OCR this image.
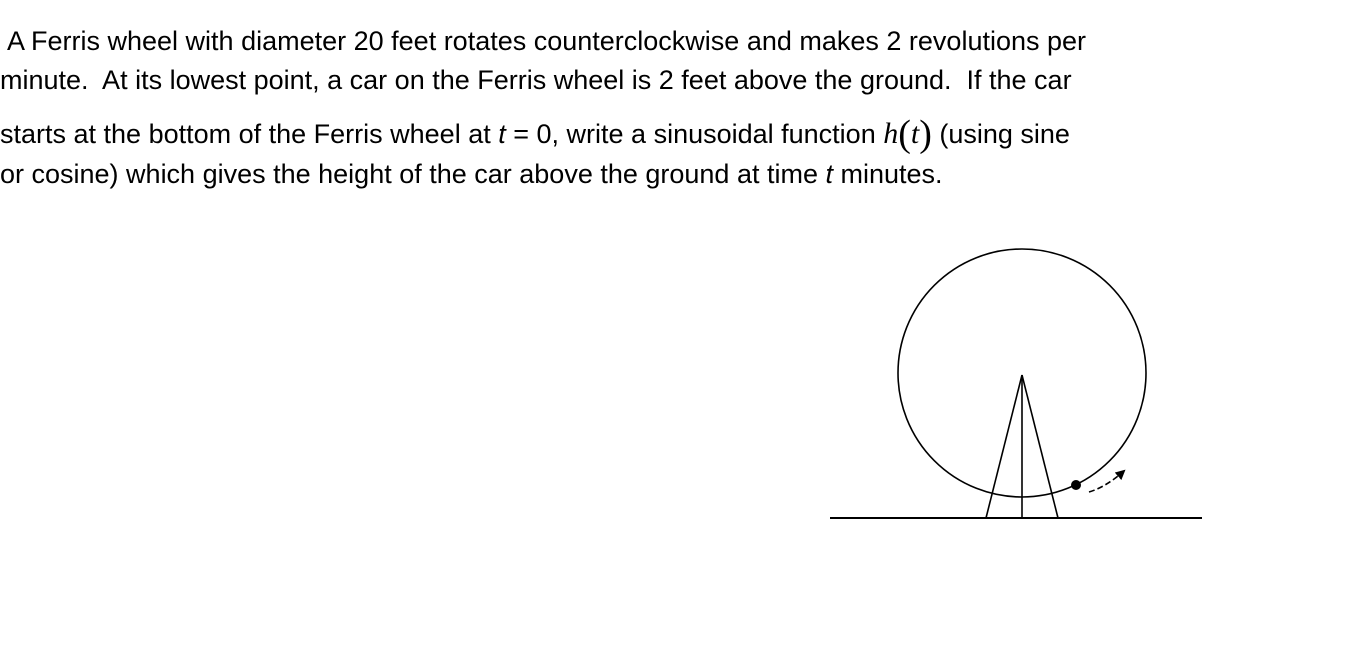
A Ferris wheel with diameter 20 feet rotates counterclockwise and makes 2 revolutions per
minute.  At its lowest point, a car on the Ferris wheel is 2 feet above the ground.  If the car
starts at the bottom of the Ferris wheel at t = 0, write a sinusoidal function h(t) (using sine
or cosine) which gives the height of the car above the ground at time t minutes.
